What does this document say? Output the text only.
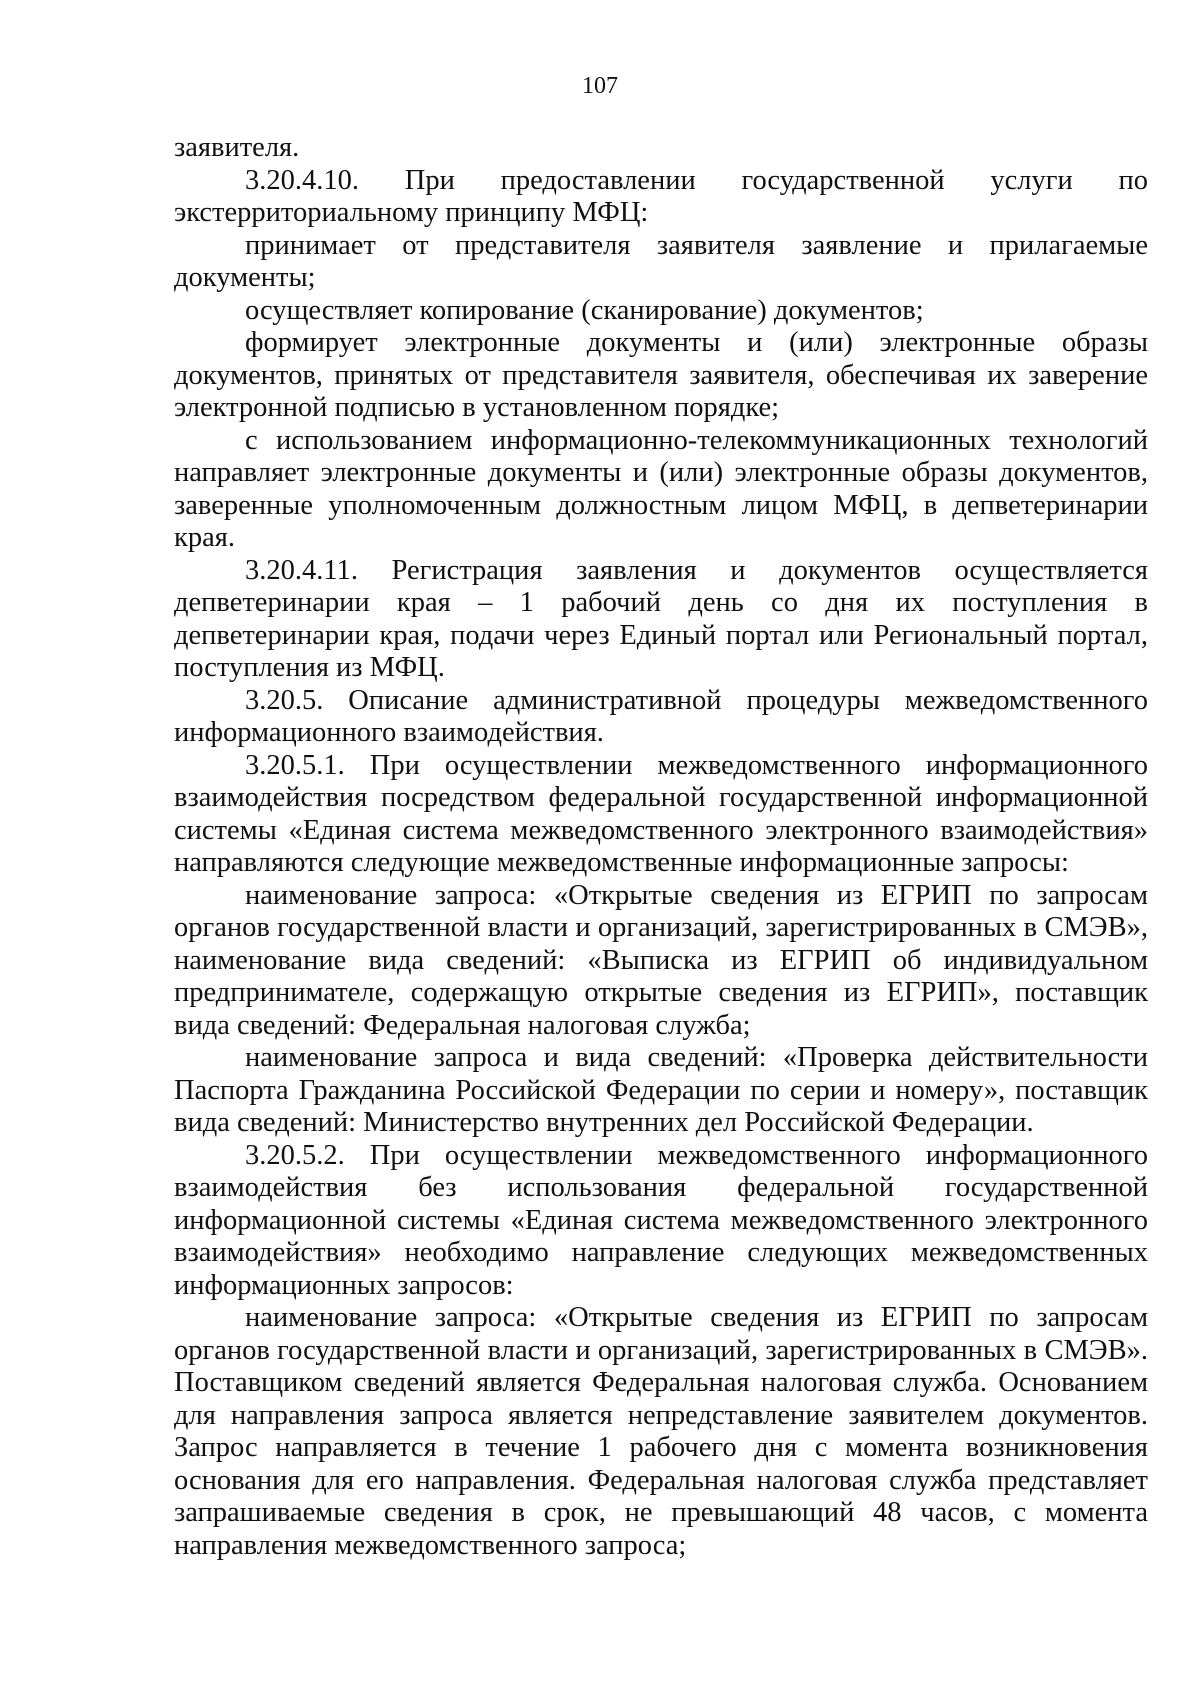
107

заявителя.

3.20.4.10. При предоставлении государственной услуги по экстерриториальному принципу МФЦ:

принимает от представителя заявителя заявление и прилагаемые документы;

осуществляет копирование (сканирование) документов;

формирует электронные документы и (или) электронные образы документов, принятых от представителя заявителя, обеспечивая их заверение электронной подписью в установленном порядке;

с использованием информационно-телекоммуникационных технологий направляет электронные документы и (или) электронные образы документов, заверенные уполномоченным должностным лицом МФЦ, в депветеринарии края.

3.20.4.11. Регистрация заявления и документов осуществляется депветеринарии края – 1 рабочий день со дня их поступления в депветеринарии края, подачи через Единый портал или Региональный портал, поступления из МФЦ.

3.20.5. Описание административной процедуры межведомственного информационного взаимодействия.

3.20.5.1. При осуществлении межведомственного информационного взаимодействия посредством федеральной государственной информационной системы «Единая система межведомственного электронного взаимодействия» направляются следующие межведомственные информационные запросы:

наименование запроса: «Открытые сведения из ЕГРИП по запросам органов государственной власти и организаций, зарегистрированных в СМЭВ», наименование вида сведений: «Выписка из ЕГРИП об индивидуальном предпринимателе, содержащую открытые сведения из ЕГРИП», поставщик вида сведений: Федеральная налоговая служба;

наименование запроса и вида сведений: «Проверка действительности Паспорта Гражданина Российской Федерации по серии и номеру», поставщик вида сведений: Министерство внутренних дел Российской Федерации.

3.20.5.2. При осуществлении межведомственного информационного взаимодействия без использования федеральной государственной информационной системы «Единая система межведомственного электронного взаимодействия» необходимо направление следующих межведомственных информационных запросов:

наименование запроса: «Открытые сведения из ЕГРИП по запросам органов государственной власти и организаций, зарегистрированных в СМЭВ». Поставщиком сведений является Федеральная налоговая служба. Основанием для направления запроса является непредставление заявителем документов. Запрос направляется в течение 1 рабочего дня с момента возникновения основания для его направления. Федеральная налоговая служба представляет запрашиваемые сведения в срок, не превышающий 48 часов, с момента направления межведомственного запроса;
